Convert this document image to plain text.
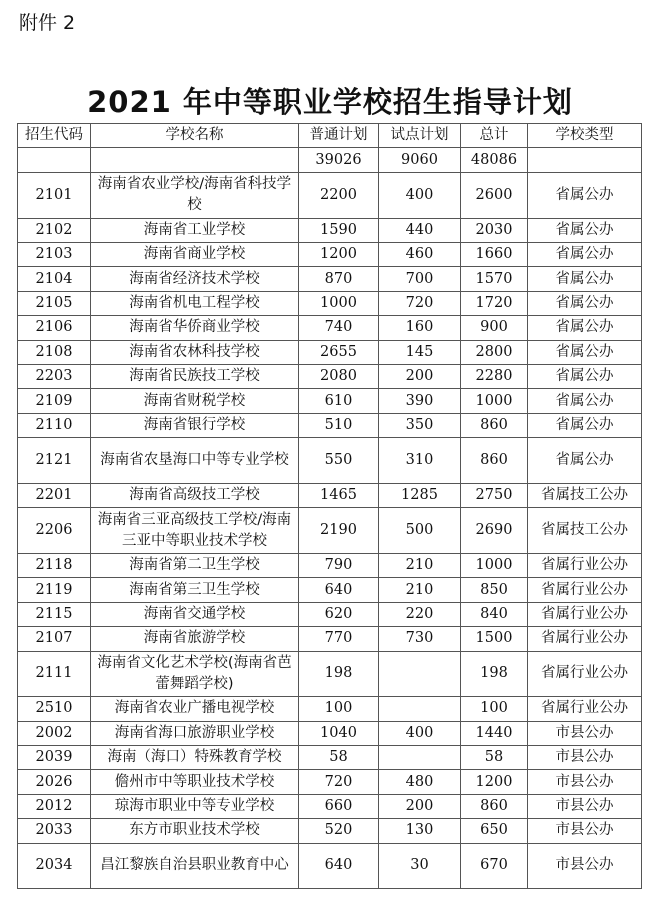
附件 2
2021 年中等职业学校招生指导计划
招生代码	学校名称	普通计划	试点计划	总计	学校类型
		39026	9060	48086	
2101	海南省农业学校/海南省科技学校	2200	400	2600	省属公办
2102	海南省工业学校	1590	440	2030	省属公办
2103	海南省商业学校	1200	460	1660	省属公办
2104	海南省经济技术学校	870	700	1570	省属公办
2105	海南省机电工程学校	1000	720	1720	省属公办
2106	海南省华侨商业学校	740	160	900	省属公办
2108	海南省农林科技学校	2655	145	2800	省属公办
2203	海南省民族技工学校	2080	200	2280	省属公办
2109	海南省财税学校	610	390	1000	省属公办
2110	海南省银行学校	510	350	860	省属公办
2121	海南省农垦海口中等专业学校	550	310	860	省属公办
2201	海南省高级技工学校	1465	1285	2750	省属技工公办
2206	海南省三亚高级技工学校/海南三亚中等职业技术学校	2190	500	2690	省属技工公办
2118	海南省第二卫生学校	790	210	1000	省属行业公办
2119	海南省第三卫生学校	640	210	850	省属行业公办
2115	海南省交通学校	620	220	840	省属行业公办
2107	海南省旅游学校	770	730	1500	省属行业公办
2111	海南省文化艺术学校(海南省芭蕾舞蹈学校)	198		198	省属行业公办
2510	海南省农业广播电视学校	100		100	省属行业公办
2002	海南省海口旅游职业学校	1040	400	1440	市县公办
2039	海南（海口）特殊教育学校	58		58	市县公办
2026	儋州市中等职业技术学校	720	480	1200	市县公办
2012	琼海市职业中等专业学校	660	200	860	市县公办
2033	东方市职业技术学校	520	130	650	市县公办
2034	昌江黎族自治县职业教育中心	640	30	670	市县公办
